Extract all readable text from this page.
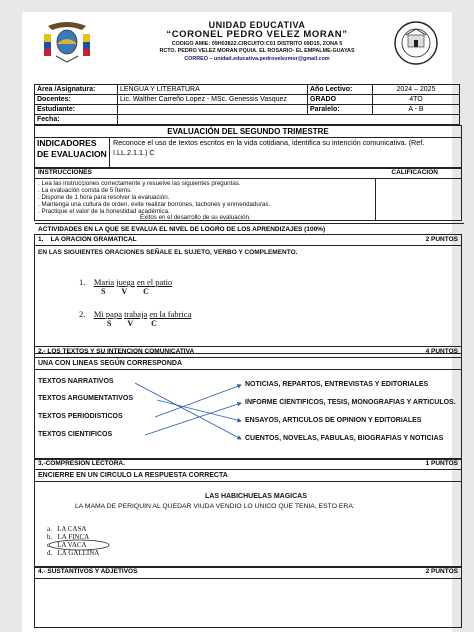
UNIDAD EDUCATIVA
“CORONEL PEDRO VELEZ MORAN”
CODIGO AMIE: 09H03822.CIRCUITO:C01 DISTRITO 09D15, ZONA 5
RCTO. PEDRO VELEZ MORAN PQUIA. EL ROSARIO- EL EMPALME-GUAYAS
CORREO – unidad.educativa.pedrovelezmor@gmail.com
Área /Asignatura:	LENGUA Y LITERATURA	Año Lectivo:	2024 – 2025
Docentes:	Lic. Walther Carreño Lopez - MSc. Genessis Vasquez	GRADO	4TO
Estudiante:		Paralelo:	A - B
Fecha:			
EVALUACIÓN DEL SEGUNDO TRIMESTRE
INDICADORES DE EVALUACION
Reconoce el uso de textos escritos en la vida cotidiana, identifica su intención comunicativa. (Ref. I.LL.2.1.1.) C
INSTRUCCIONES	CALIFICACION
. Lea las instrucciones correctamente y resuelve las siguientes preguntas.
. La evaluación consta de 5 Ítems.
. Dispone de 1 hora para resolver la evaluación.
. Mantenga una cultura de orden, evite realizar borrones, tachones y enmendaduras.
. Practique el valor de la honestidad académica.
Éxitos en el desarrollo de su evaluación.
ACTIVIDADES EN LA QUE SE EVALUA EL NIVEL DE LOGRO DE LOS APRENDIZAJES (100%)
1. LA ORACION GRAMATICAL	2 PUNTOS
EN LAS SIGUIENTES ORACIONES SEÑALE EL SUJETO, VERBO Y COMPLEMENTO.
1. Maria juega en el patio
S V C
2. Mi papa trabaja en la fabrica
S V C
2.- LOS TEXTOS Y SU INTENCION COMUNICATIVA	4 PUNTOS
UNA CON LINEAS SEGÚN CORRESPONDA
TEXTOS NARRATIVOS
TEXTOS ARGUMENTATIVOS
TEXTOS PERIODISTICOS
TEXTOS CIENTIFICOS
NOTICIAS, REPARTOS, ENTREVISTAS Y EDITORIALES
INFORME CIENTIFICOS, TESIS, MONOGRAFIAS Y ARTICULOS.
ENSAYOS, ARTICULOS DE OPINION Y EDITORIALES
CUENTOS, NOVELAS, FABULAS, BIOGRAFIAS Y NOTICIAS
3.-COMPRESION LECTORA.	1 PUNTOS
ENCIERRE EN UN CIRCULO LA RESPUESTA CORRECTA
LAS HABICHUELAS MAGICAS
LA MAMA DE PERIQUIN AL QUEDAR VIUDA VENDIO LO UNICO QUE TENIA, ESTO ERA:
a. LA CASA
b. LA FINCA
c. LA VACA
d. LA GALLINA
4.- SUSTANTIVOS Y ADJETIVOS	2 PUNTOS
